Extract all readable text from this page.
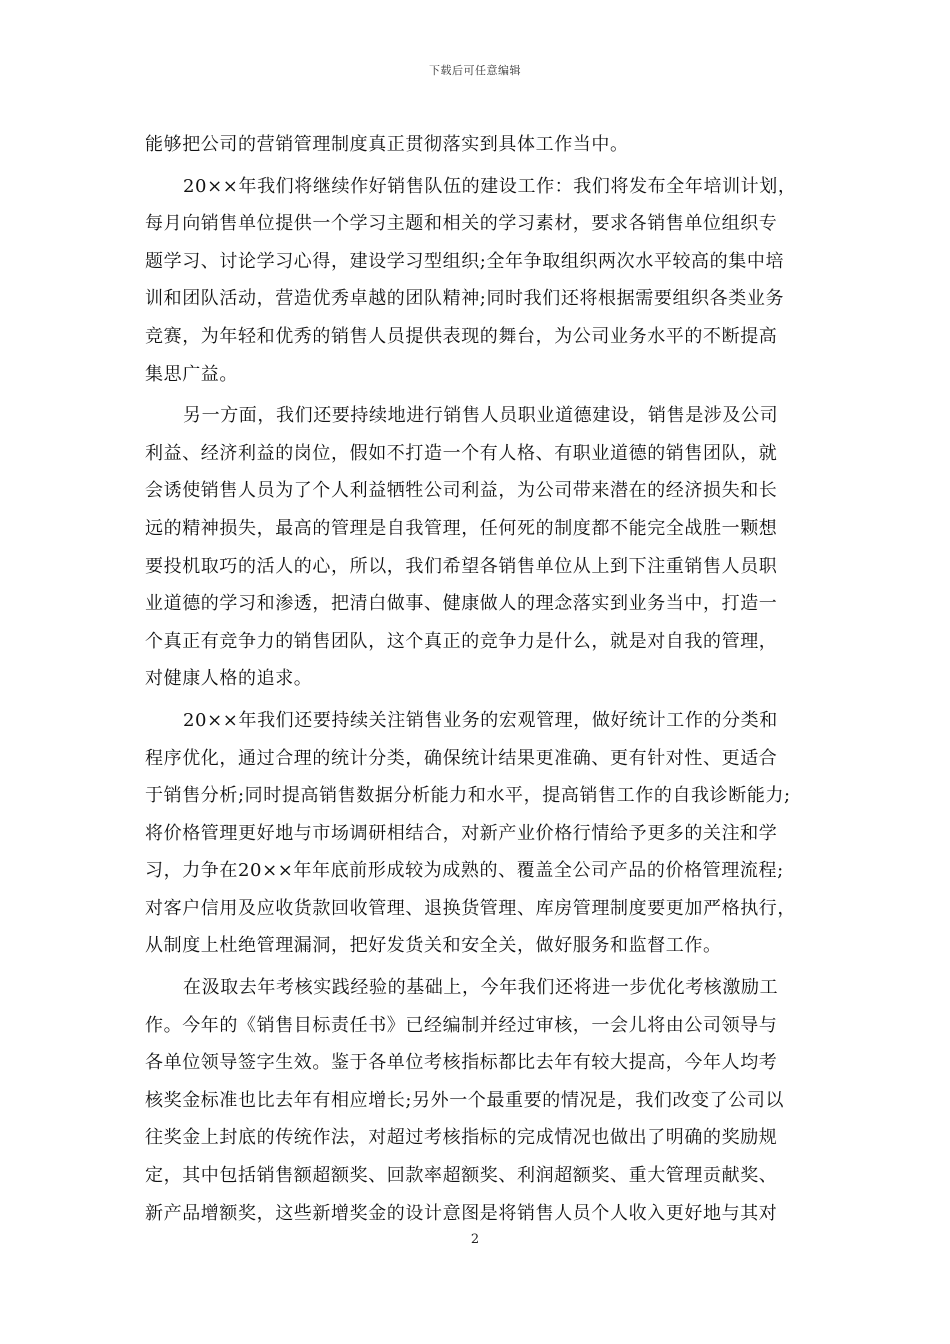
下载后可任意编辑
能够把公司的营销管理制度真正贯彻落实到具体工作当中。
20××年我们将继续作好销售队伍的建设工作：我们将发布全年培训计划，
每月向销售单位提供一个学习主题和相关的学习素材，要求各销售单位组织专
题学习、讨论学习心得，建设学习型组织;全年争取组织两次水平较高的集中培
训和团队活动，营造优秀卓越的团队精神;同时我们还将根据需要组织各类业务
竞赛，为年轻和优秀的销售人员提供表现的舞台，为公司业务水平的不断提高
集思广益。
另一方面，我们还要持续地进行销售人员职业道德建设，销售是涉及公司
利益、经济利益的岗位，假如不打造一个有人格、有职业道德的销售团队，就
会诱使销售人员为了个人利益牺牲公司利益，为公司带来潜在的经济损失和长
远的精神损失，最高的管理是自我管理，任何死的制度都不能完全战胜一颗想
要投机取巧的活人的心，所以，我们希望各销售单位从上到下注重销售人员职
业道德的学习和渗透，把清白做事、健康做人的理念落实到业务当中，打造一
个真正有竞争力的销售团队，这个真正的竞争力是什么，就是对自我的管理，
对健康人格的追求。
20××年我们还要持续关注销售业务的宏观管理，做好统计工作的分类和
程序优化，通过合理的统计分类，确保统计结果更准确、更有针对性、更适合
于销售分析;同时提高销售数据分析能力和水平，提高销售工作的自我诊断能力;
将价格管理更好地与市场调研相结合，对新产业价格行情给予更多的关注和学
习，力争在20××年年底前形成较为成熟的、覆盖全公司产品的价格管理流程;
对客户信用及应收货款回收管理、退换货管理、库房管理制度要更加严格执行，
从制度上杜绝管理漏洞，把好发货关和安全关，做好服务和监督工作。
在汲取去年考核实践经验的基础上，今年我们还将进一步优化考核激励工
作。今年的《销售目标责任书》已经编制并经过审核，一会儿将由公司领导与
各单位领导签字生效。鉴于各单位考核指标都比去年有较大提高，今年人均考
核奖金标准也比去年有相应增长;另外一个最重要的情况是，我们改变了公司以
往奖金上封底的传统作法，对超过考核指标的完成情况也做出了明确的奖励规
定，其中包括销售额超额奖、回款率超额奖、利润超额奖、重大管理贡献奖、
新产品增额奖，这些新增奖金的设计意图是将销售人员个人收入更好地与其对
2
